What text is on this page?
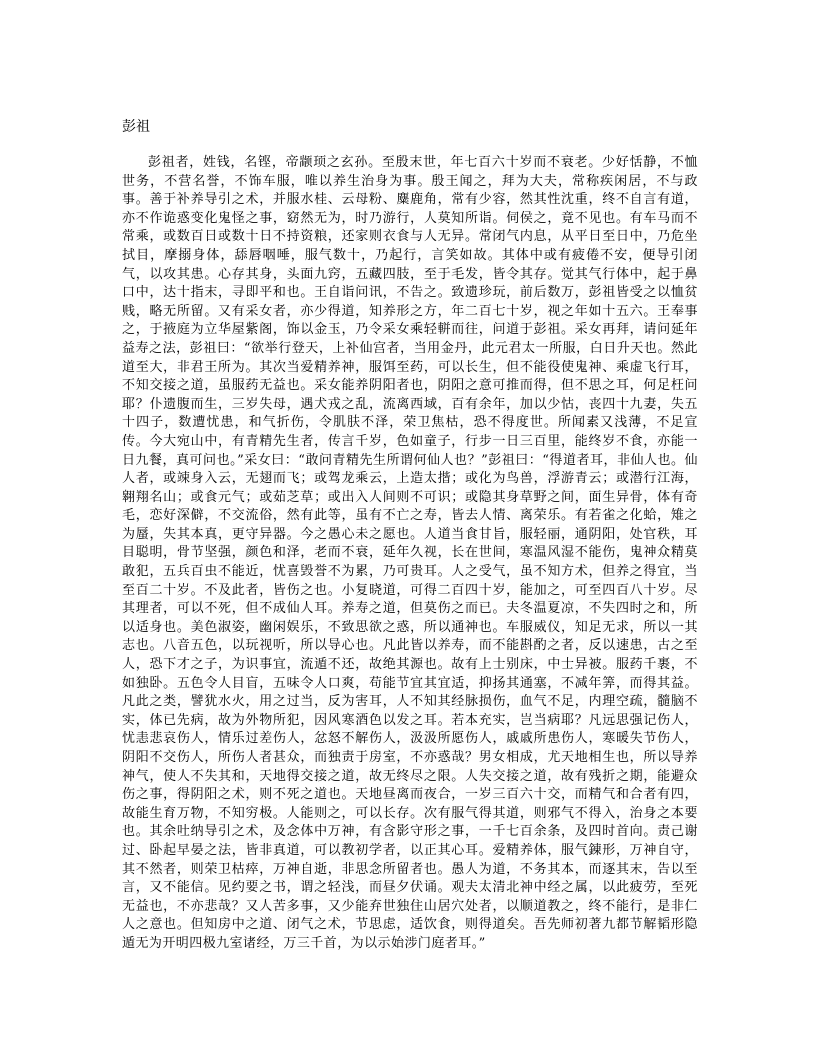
彭祖
彭祖者，姓钱，名铿，帝颛顼之玄孙。至殷末世，年七百六十岁而不衰老。少好恬静，不恤世务，不营名誉，不饰车服，唯以养生治身为事。殷王闻之，拜为大夫，常称疾闲居，不与政事。善于补养导引之术，并服水桂、云母粉、麋鹿角，常有少容，然其性沈重，终不自言有道，亦不作诡惑变化鬼怪之事，窈然无为，时乃游行，人莫知所诣。伺侯之，竟不见也。有车马而不常乘，或数百日或数十日不持资粮，还家则衣食与人无异。常闭气内息，从平日至日中，乃危坐拭目，摩搦身体，舔唇咽唾，服气数十，乃起行，言笑如故。其体中或有疲倦不安，便导引闭气，以攻其患。心存其身，头面九窍，五藏四肢，至于毛发，皆令其存。觉其气行体中，起于鼻口中，达十指末，寻即平和也。王自诣问讯，不告之。致遗珍玩，前后数万，彭祖皆受之以恤贫贱，略无所留。又有采女者，亦少得道，知养形之方，年二百七十岁，视之年如十五六。王奉事之，于掖庭为立华屋紫阁，饰以金玉，乃令采女乘轻軿而往，问道于彭祖。采女再拜，请问延年益寿之法，彭祖曰：“欲举行登天，上补仙宫者，当用金丹，此元君太一所服，白日升天也。然此道至大，非君王所为。其次当爱精养神，服饵至药，可以长生，但不能役使鬼神、乘虚飞行耳，不知交接之道，虽服药无益也。采女能养阴阳者也，阴阳之意可推而得，但不思之耳，何足枉问耶？仆遗腹而生，三岁失母，遇犬戎之乱，流离西域，百有余年，加以少怙，丧四十九妻，失五十四子，数遭忧患，和气折伤，令肌肤不泽，荣卫焦枯，恐不得度世。所闻素又浅薄，不足宣传。今大宛山中，有青精先生者，传言千岁，色如童子，行步一日三百里，能终岁不食，亦能一日九餐，真可问也。”采女曰：“敢问青精先生所谓何仙人也？”彭祖曰：“得道者耳，非仙人也。仙人者，或竦身入云，无翅而飞；或驾龙乘云，上造太揩；或化为鸟兽，浮游青云；或潜行江海，翱翔名山；或食元气；或茹芝草；或出入人间则不可识；或隐其身草野之间，面生异骨，体有奇毛，恋好深僻，不交流俗，然有此等，虽有不亡之寿，皆去人情、离荣乐。有若雀之化蛤，雉之为蜃，失其本真，更守异器。今之愚心未之愿也。人道当食甘旨，服轻丽，通阴阳，处官秩，耳目聪明，骨节坚强，颜色和泽，老而不衰，延年久视，长在世间，寒温风湿不能伤，鬼神众精莫敢犯，五兵百虫不能近，忧喜毁誉不为累，乃可贵耳。人之受气，虽不知方术，但养之得宜，当至百二十岁。不及此者，皆伤之也。小复晓道，可得二百四十岁，能加之，可至四百八十岁。尽其理者，可以不死，但不成仙人耳。养寿之道，但莫伤之而已。夫冬温夏凉，不失四时之和，所以适身也。美色淑姿，幽闲娱乐，不致思欲之惑，所以通神也。车服威仪，知足无求，所以一其志也。八音五色，以玩视听，所以导心也。凡此皆以养寿，而不能斟酌之者，反以速患，古之至人，恐下才之子，为识事宜，流遁不还，故绝其源也。故有上士别床，中士异被。服药千裹，不如独卧。五色令人目盲，五味令人口爽，苟能节宜其宜适，抑扬其通塞，不减年筭，而得其益。凡此之类，譬犹水火，用之过当，反为害耳，人不知其经脉损伤，血气不足，内理空疏，髓脑不实，体已先病，故为外物所犯，因风寒酒色以发之耳。若本充实，岂当病耶？凡远思强记伤人，忧恚悲哀伤人，情乐过差伤人，忿怒不解伤人，汲汲所愿伤人，戚戚所患伤人，寒暖失节伤人，阴阳不交伤人，所伤人者甚众，而独责于房室，不亦惑哉？男女相成，尤天地相生也，所以导养神气，使人不失其和，天地得交接之道，故无终尽之限。人失交接之道，故有残折之期，能避众伤之事，得阴阳之术，则不死之道也。天地昼离而夜合，一岁三百六十交，而精气和合者有四，故能生育万物，不知穷极。人能则之，可以长存。次有服气得其道，则邪气不得入，治身之本要也。其余吐纳导引之术，及念体中万神，有含影守形之事，一千七百余条，及四时首向。责己谢过、卧起早晏之法，皆非真道，可以教初学者，以正其心耳。爱精养体，服气錬形，万神自守，其不然者，则荣卫枯瘁，万神自逝，非思念所留者也。愚人为道，不务其本，而逐其末，告以至言，又不能信。见约要之书，谓之轻浅，而昼夕伏诵。观夫太清北神中经之属，以此疲劳，至死无益也，不亦悲哉？又人苦多事，又少能弃世独住山居穴处者，以顺道教之，终不能行，是非仁人之意也。但知房中之道、闭气之术，节思虑，适饮食，则得道矣。吾先师初著九都节解韬形隐遁无为开明四极九室诸经，万三千首，为以示始涉门庭者耳。”
